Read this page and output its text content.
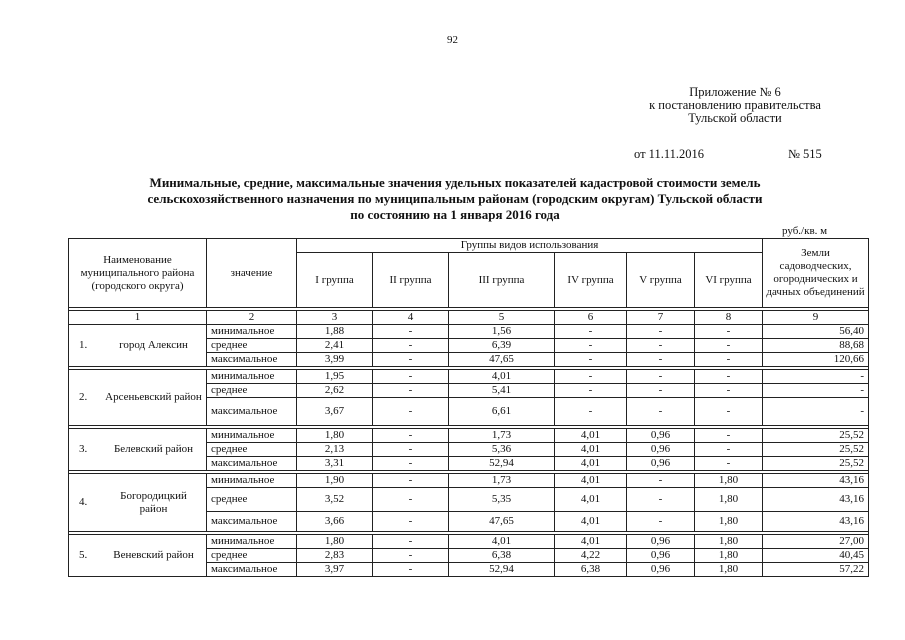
92
Приложение № 6
к постановлению правительства
Тульской области
от 11.11.2016	№ 515
Минимальные, средние, максимальные значения удельных показателей кадастровой стоимости земель
сельскохозяйственного назначения по муниципальным районам (городским округам) Тульской области
по состоянию на 1 января 2016 года
руб./кв. м
Наименование муниципального района (городского округа)	значение	Группы видов использования						Земли садоводческих, огороднических и дачных объединений
		I группа	II группа	III группа	IV группа	V группа	VI группа	

1	2	3	4	5	6	7	8	9

1. город Алексин	минимальное	1,88	-	1,56	-	-	-	56,40
	среднее	2,41	-	6,39	-	-	-	88,68
	максимальное	3,99	-	47,65	-	-	-	120,66

2. Арсеньевский район	минимальное	1,95	-	4,01	-	-	-	-
	среднее	2,62	-	5,41	-	-	-	-
	максимальное	3,67	-	6,61	-	-	-	-

3. Белевский район	минимальное	1,80	-	1,73	4,01	0,96	-	25,52
	среднее	2,13	-	5,36	4,01	0,96	-	25,52
	максимальное	3,31	-	52,94	4,01	0,96	-	25,52

4.
Богородицкий район	минимальное	1,90	-	1,73	4,01	-	1,80	43,16
	среднее	3,52	-	5,35	4,01	-	1,80	43,16
	максимальное	3,66	-	47,65	4,01	-	1,80	43,16

5. Веневский район	минимальное	1,80	-	4,01	4,01	0,96	1,80	27,00
	среднее	2,83	-	6,38	4,22	0,96	1,80	40,45
	максимальное	3,97	-	52,94	6,38	0,96	1,80	57,22
